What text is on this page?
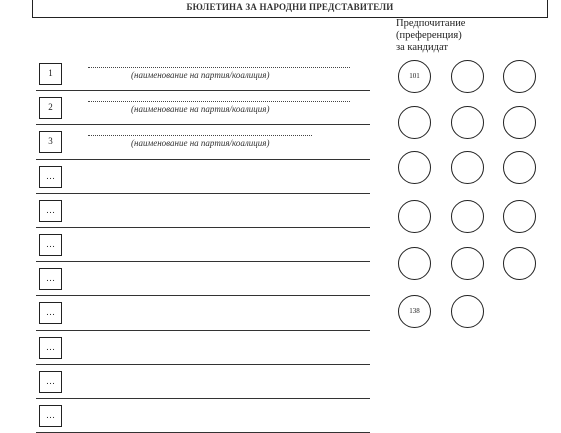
БЮЛЕТИНА ЗА НАРОДНИ ПРЕДСТАВИТЕЛИ
Предпочитание
(преференция)
за кандидат
1	(наименование на партия/коалиция)
2	(наименование на партия/коалиция)
3	(наименование на партия/коалиция)
…
…
…
…
…
…
…
…
101
138
